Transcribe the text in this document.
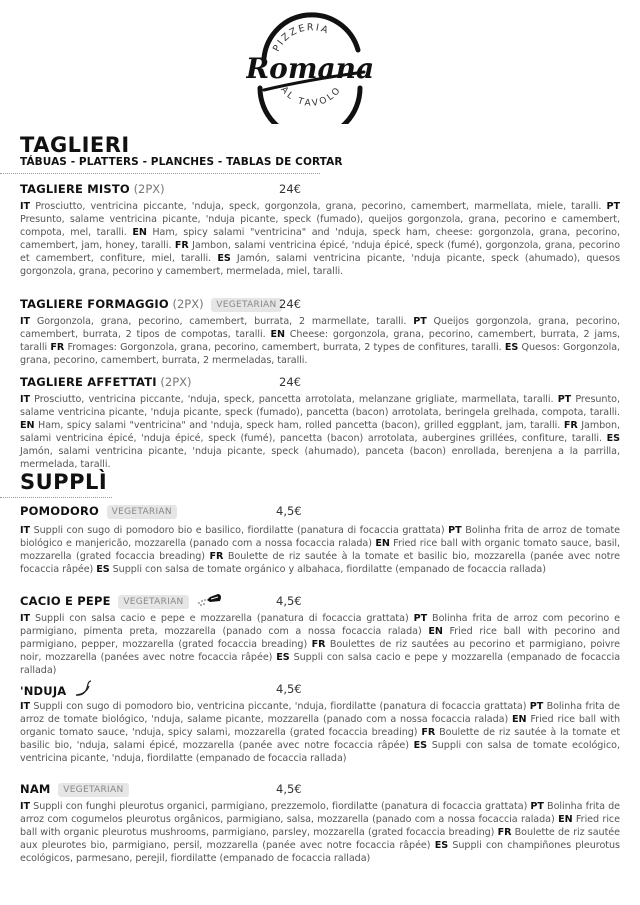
PIZZERIA
AL TAVOLO
Romana
TAGLIERI
TÁBUAS - PLATTERS - PLANCHES - TABLAS DE CORTAR
TAGLIERE MISTO (2PX)	24€

IT Prosciutto, ventricina piccante, 'nduja, speck, gorgonzola, grana, pecorino, camembert, marmellata, miele, taralli. PT Presunto, salame ventricina picante, 'nduja picante, speck (fumado), queijos gorgonzola, grana, pecorino e camembert, compota, mel, taralli. EN Ham, spicy salami "ventricina" and 'nduja, speck ham, cheese: gorgonzola, grana, pecorino, camembert, jam, honey, taralli. FR Jambon, salami ventricina épicé, 'nduja épicé, speck (fumé), gorgonzola, grana, pecorino et camembert, confiture, miel, taralli. ES Jamón, salami ventricina picante, 'nduja picante, speck (ahumado), quesos gorgonzola, grana, pecorino y camembert, mermelada, miel, taralli.

TAGLIERE FORMAGGIO (2PX) VEGETARIAN 24€

IT Gorgonzola, grana, pecorino, camembert, burrata, 2 marmellate, taralli. PT Queijos gorgonzola, grana, pecorino, camembert, burrata, 2 tipos de compotas, taralli. EN Cheese: gorgonzola, grana, pecorino, camembert, burrata, 2 jams, taralli FR Fromages: Gorgonzola, grana, pecorino, camembert, burrata, 2 types de confitures, taralli. ES Quesos: Gorgonzola, grana, pecorino, camembert, burrata, 2 mermeladas, taralli.

TAGLIERE AFFETTATI (2PX)	24€

IT Prosciutto, ventricina piccante, 'nduja, speck, pancetta arrotolata, melanzane grigliate, marmellata, taralli. PT Presunto, salame ventricina picante, 'nduja picante, speck (fumado), pancetta (bacon) arrotolata, beringela grelhada, compota, taralli. EN Ham, spicy salami "ventricina" and 'nduja, speck ham, rolled pancetta (bacon), grilled eggplant, jam, taralli. FR Jambon, salami ventricina épicé, 'nduja épicé, speck (fumé), pancetta (bacon) arrotolata, aubergines grillées, confiture, taralli. ES Jamón, salami ventricina picante, 'nduja picante, speck (ahumado), panceta (bacon) enrollada, berenjena a la parrilla, mermelada, taralli.

SUPPLÌ
POMODORO VEGETARIAN	4,5€

IT Suppli con sugo di pomodoro bio e basilico, fiordilatte (panatura di focaccia grattata) PT Bolinha frita de arroz de tomate biológico e manjericão, mozzarella (panado com a nossa focaccia ralada) EN Fried rice ball with organic tomato sauce, basil, mozzarella (grated focaccia breading) FR Boulette de riz sautée à la tomate et basilic bio, mozzarella (panée avec notre focaccia râpée) ES Suppli con salsa de tomate orgánico y albahaca, fiordilatte (empanado de focaccia rallada)

CACIO E PEPE VEGETARIAN	4,5€

IT Suppli con salsa cacio e pepe e mozzarella (panatura di focaccia grattata) PT Bolinha frita de arroz com pecorino e parmigiano, pimenta preta, mozzarella (panado com a nossa focaccia ralada) EN Fried rice ball with pecorino and parmigiano, pepper, mozzarella (grated focaccia breading) FR Boulettes de riz sautées au pecorino et parmigiano, poivre noir, mozzarella (panées avec notre focaccia râpée) ES Suppli con salsa cacio e pepe y mozzarella (empanado de focaccia rallada)

'NDUJA	4,5€

IT Suppli con sugo di pomodoro bio, ventricina piccante, 'nduja, fiordilatte (panatura di focaccia grattata) PT Bolinha frita de arroz de tomate biológico, 'nduja, salame picante, mozzarella (panado com a nossa focaccia ralada) EN Fried rice ball with organic tomato sauce, 'nduja, spicy salami, mozzarella (grated focaccia breading) FR Boulette de riz sautée à la tomate et basilic bio, 'nduja, salami épicé, mozzarella (panée avec notre focaccia râpée) ES Suppli con salsa de tomate ecológico, ventricina picante, 'nduja, fiordilatte (empanado de focaccia rallada)

NAM VEGETARIAN	4,5€

IT Suppli con funghi pleurotus organici, parmigiano, prezzemolo, fiordilatte (panatura di focaccia grattata) PT Bolinha frita de arroz com cogumelos pleurotus orgânicos, parmigiano, salsa, mozzarella (panado com a nossa focaccia ralada) EN Fried rice ball with organic pleurotus mushrooms, parmigiano, parsley, mozzarella (grated focaccia breading) FR Boulette de riz sautée aux pleurotes bio, parmigiano, persil, mozzarella (panée avec notre focaccia râpée) ES Suppli con champiñones pleurotus ecológicos, parmesano, perejil, fiordilatte (empanado de focaccia rallada)
